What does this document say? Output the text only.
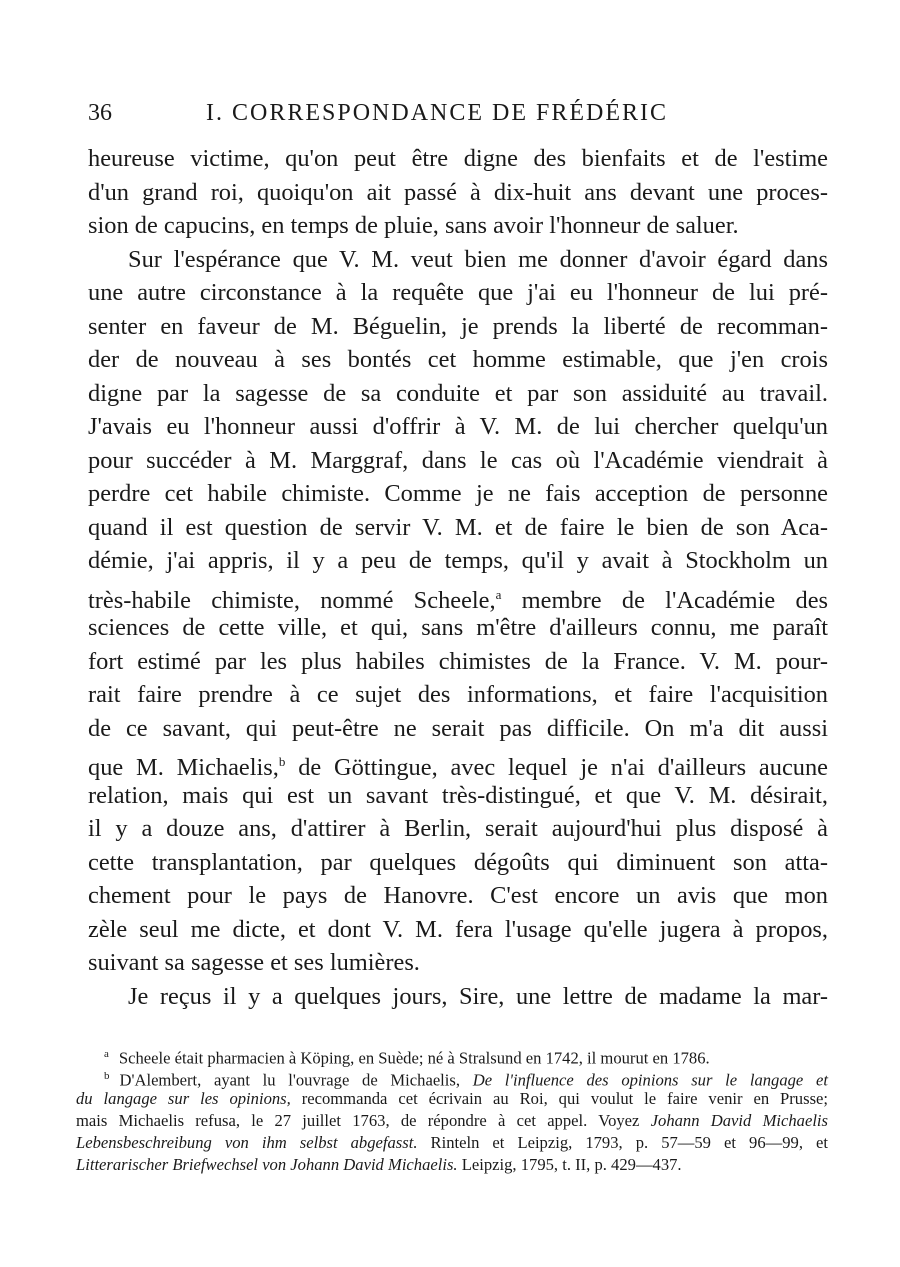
36	I. CORRESPONDANCE DE FRÉDÉRIC
heureuse victime, qu'on peut être digne des bienfaits et de l'estime
d'un grand roi, quoiqu'on ait passé à dix-huit ans devant une proces-
sion de capucins, en temps de pluie, sans avoir l'honneur de saluer.
Sur l'espérance que V. M. veut bien me donner d'avoir égard dans
une autre circonstance à la requête que j'ai eu l'honneur de lui pré-
senter en faveur de M. Béguelin, je prends la liberté de recomman-
der de nouveau à ses bontés cet homme estimable, que j'en crois
digne par la sagesse de sa conduite et par son assiduité au travail.
J'avais eu l'honneur aussi d'offrir à V. M. de lui chercher quelqu'un
pour succéder à M. Marggraf, dans le cas où l'Académie viendrait à
perdre cet habile chimiste. Comme je ne fais acception de personne
quand il est question de servir V. M. et de faire le bien de son Aca-
démie, j'ai appris, il y a peu de temps, qu'il y avait à Stockholm un
très-habile chimiste, nommé Scheele,$^a$ membre de l'Académie des
sciences de cette ville, et qui, sans m'être d'ailleurs connu, me paraît
fort estimé par les plus habiles chimistes de la France. V. M. pour-
rait faire prendre à ce sujet des informations, et faire l'acquisition
de ce savant, qui peut-être ne serait pas difficile. On m'a dit aussi
que M. Michaelis,$^b$ de Göttingue, avec lequel je n'ai d'ailleurs aucune
relation, mais qui est un savant très-distingué, et que V. M. désirait,
il y a douze ans, d'attirer à Berlin, serait aujourd'hui plus disposé à
cette transplantation, par quelques dégoûts qui diminuent son atta-
chement pour le pays de Hanovre. C'est encore un avis que mon
zèle seul me dicte, et dont V. M. fera l'usage qu'elle jugera à propos,
suivant sa sagesse et ses lumières.
Je reçus il y a quelques jours, Sire, une lettre de madame la mar-
$^a$ Scheele était pharmacien à Köping, en Suède; né à Stralsund en 1742, il mourut en 1786.
$^b$ D'Alembert, ayant lu l'ouvrage de Michaelis, De l'influence des opinions sur le langage et
du langage sur les opinions, recommanda cet écrivain au Roi, qui voulut le faire venir en Prusse;
mais Michaelis refusa, le 27 juillet 1763, de répondre à cet appel. Voyez Johann David Michaelis
Lebensbeschreibung von ihm selbst abgefasst. Rinteln et Leipzig, 1793, p. 57—59 et 96—99, et
Litterarischer Briefwechsel von Johann David Michaelis. Leipzig, 1795, t. II, p. 429—437.
